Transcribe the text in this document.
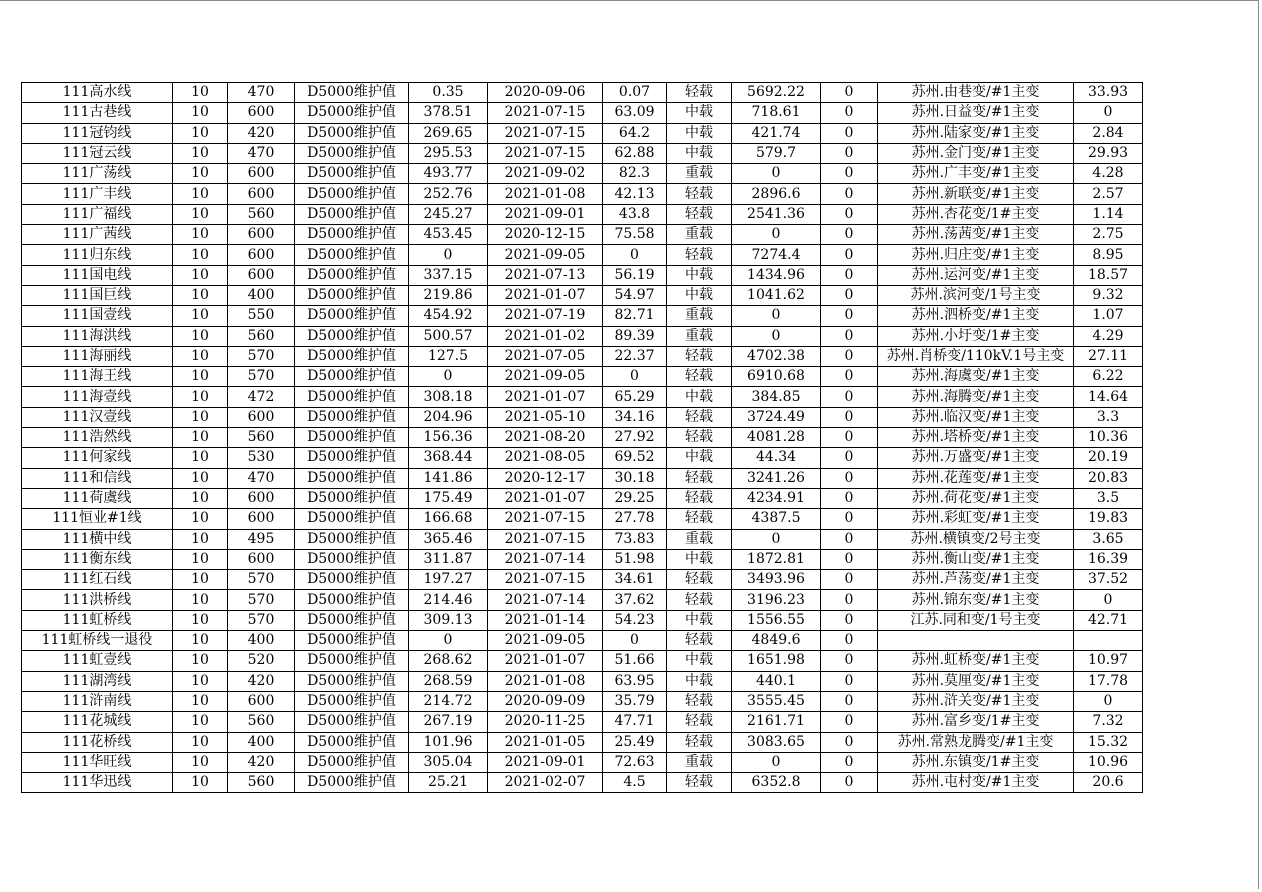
111高水线	10	470	D5000维护值	0.35	2020-09-06	0.07	轻载	5692.22	0	苏州.由巷变/#1主变	33.93
111古巷线	10	600	D5000维护值	378.51	2021-07-15	63.09	中载	718.61	0	苏州.日益变/#1主变	0
111冠钧线	10	420	D5000维护值	269.65	2021-07-15	64.2	中载	421.74	0	苏州.陆家变/#1主变	2.84
111冠云线	10	470	D5000维护值	295.53	2021-07-15	62.88	中载	579.7	0	苏州.金门变/#1主变	29.93
111广荡线	10	600	D5000维护值	493.77	2021-09-02	82.3	重载	0	0	苏州.广丰变/#1主变	4.28
111广丰线	10	600	D5000维护值	252.76	2021-01-08	42.13	轻载	2896.6	0	苏州.新联变/#1主变	2.57
111广福线	10	560	D5000维护值	245.27	2021-09-01	43.8	轻载	2541.36	0	苏州.杏花变/1#主变	1.14
111广茜线	10	600	D5000维护值	453.45	2020-12-15	75.58	重载	0	0	苏州.荡茜变/#1主变	2.75
111归东线	10	600	D5000维护值	0	2021-09-05	0	轻载	7274.4	0	苏州.归庄变/#1主变	8.95
111国电线	10	600	D5000维护值	337.15	2021-07-13	56.19	中载	1434.96	0	苏州.运河变/#1主变	18.57
111国巨线	10	400	D5000维护值	219.86	2021-01-07	54.97	中载	1041.62	0	苏州.滨河变/1号主变	9.32
111国壹线	10	550	D5000维护值	454.92	2021-07-19	82.71	重载	0	0	苏州.泗桥变/#1主变	1.07
111海洪线	10	560	D5000维护值	500.57	2021-01-02	89.39	重载	0	0	苏州.小圩变/1#主变	4.29
111海丽线	10	570	D5000维护值	127.5	2021-07-05	22.37	轻载	4702.38	0	苏州.肖桥变/110kV.1号主变	27.11
111海王线	10	570	D5000维护值	0	2021-09-05	0	轻载	6910.68	0	苏州.海虞变/#1主变	6.22
111海壹线	10	472	D5000维护值	308.18	2021-01-07	65.29	中载	384.85	0	苏州.海腾变/#1主变	14.64
111汉壹线	10	600	D5000维护值	204.96	2021-05-10	34.16	轻载	3724.49	0	苏州.临汉变/#1主变	3.3
111浩然线	10	560	D5000维护值	156.36	2021-08-20	27.92	轻载	4081.28	0	苏州.塔桥变/#1主变	10.36
111何家线	10	530	D5000维护值	368.44	2021-08-05	69.52	中载	44.34	0	苏州.万盛变/#1主变	20.19
111和信线	10	470	D5000维护值	141.86	2020-12-17	30.18	轻载	3241.26	0	苏州.花莲变/#1主变	20.83
111荷虞线	10	600	D5000维护值	175.49	2021-01-07	29.25	轻载	4234.91	0	苏州.荷花变/#1主变	3.5
111恒业#1线	10	600	D5000维护值	166.68	2021-07-15	27.78	轻载	4387.5	0	苏州.彩虹变/#1主变	19.83
111横中线	10	495	D5000维护值	365.46	2021-07-15	73.83	重载	0	0	苏州.横镇变/2号主变	3.65
111衡东线	10	600	D5000维护值	311.87	2021-07-14	51.98	中载	1872.81	0	苏州.衡山变/#1主变	16.39
111红石线	10	570	D5000维护值	197.27	2021-07-15	34.61	轻载	3493.96	0	苏州.芦荡变/#1主变	37.52
111洪桥线	10	570	D5000维护值	214.46	2021-07-14	37.62	轻载	3196.23	0	苏州.锦东变/#1主变	0
111虹桥线	10	570	D5000维护值	309.13	2021-01-14	54.23	中载	1556.55	0	江苏.同和变/1号主变	42.71
111虹桥线一退役	10	400	D5000维护值	0	2021-09-05	0	轻载	4849.6	0		
111虹壹线	10	520	D5000维护值	268.62	2021-01-07	51.66	中载	1651.98	0	苏州.虹桥变/#1主变	10.97
111湖湾线	10	420	D5000维护值	268.59	2021-01-08	63.95	中载	440.1	0	苏州.莫厘变/#1主变	17.78
111浒南线	10	600	D5000维护值	214.72	2020-09-09	35.79	轻载	3555.45	0	苏州.浒关变/#1主变	0
111花城线	10	560	D5000维护值	267.19	2020-11-25	47.71	轻载	2161.71	0	苏州.富乡变/1#主变	7.32
111花桥线	10	400	D5000维护值	101.96	2021-01-05	25.49	轻载	3083.65	0	苏州.常熟龙腾变/#1主变	15.32
111华旺线	10	420	D5000维护值	305.04	2021-09-01	72.63	重载	0	0	苏州.东镇变/1#主变	10.96
111华迅线	10	560	D5000维护值	25.21	2021-02-07	4.5	轻载	6352.8	0	苏州.屯村变/#1主变	20.6
